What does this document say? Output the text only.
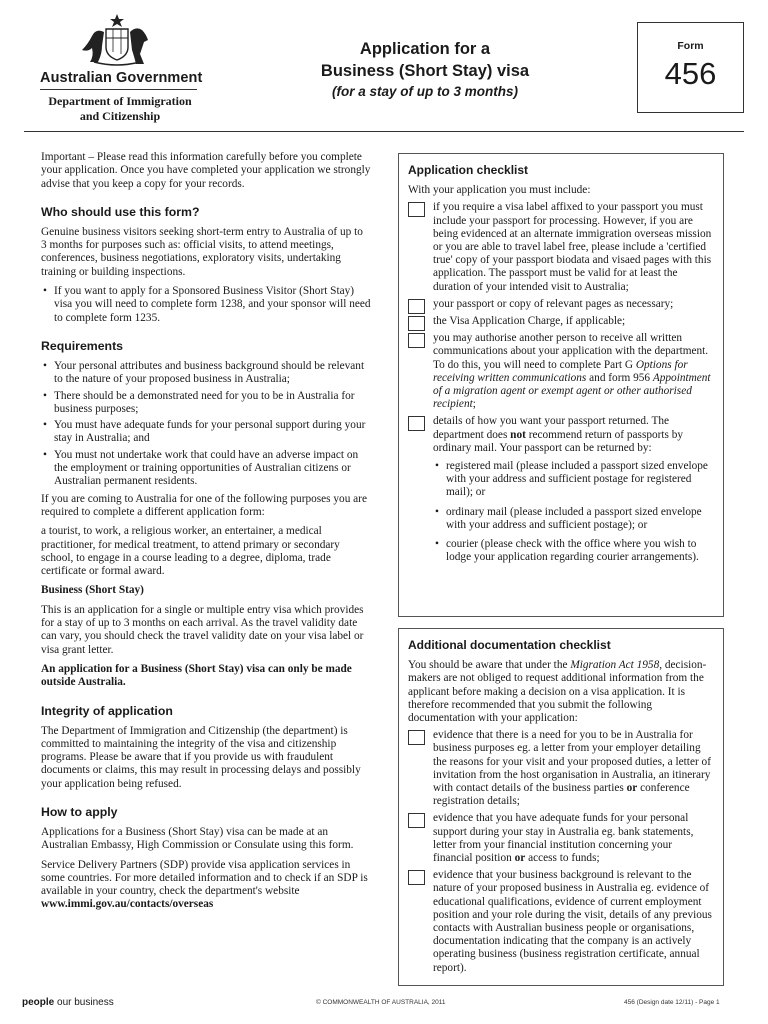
Australian Government
Department of Immigration and Citizenship
Application for a
Business (Short Stay) visa
(for a stay of up to 3 months)
Form
456

Important – Please read this information carefully before you complete your application. Once you have completed your application we strongly advise that you keep a copy for your records.

Who should use this form?

Genuine business visitors seeking short-term entry to Australia of up to 3 months for purposes such as: official visits, to attend meetings, conferences, business negotiations, exploratory visits, undertaking training or building inspections.

• If you want to apply for a Sponsored Business Visitor (Short Stay) visa you will need to complete form 1238, and your sponsor will need to complete form 1235.
Requirements
• Your personal attributes and business background should be relevant to the nature of your proposed business in Australia;
• There should be a demonstrated need for you to be in Australia for business purposes;
• You must have adequate funds for your personal support during your stay in Australia; and
• You must not undertake work that could have an adverse impact on the employment or training opportunities of Australian citizens or Australian permanent residents.

If you are coming to Australia for one of the following purposes you are required to complete a different application form:

a tourist, to work, a religious worker, an entertainer, a medical practitioner, for medical treatment, to attend primary or secondary school, to engage in a course leading to a degree, diploma, trade certificate or formal award.

Business (Short Stay)

This is an application for a single or multiple entry visa which provides for a stay of up to 3 months on each arrival. As the travel validity date can vary, you should check the travel validity date on your visa label or visa grant letter.

An application for a Business (Short Stay) visa can only be made outside Australia.

Integrity of application

The Department of Immigration and Citizenship (the department) is committed to maintaining the integrity of the visa and citizenship programs. Please be aware that if you provide us with fraudulent documents or claims, this may result in processing delays and possibly your application being refused.

How to apply

Applications for a Business (Short Stay) visa can be made at an Australian Embassy, High Commission or Consulate using this form.

Service Delivery Partners (SDP) provide visa application services in some countries. For more detailed information and to check if an SDP is available in your country, check the department's website www.immi.gov.au/contacts/overseas

Application checklist

With your application you must include:

if you require a visa label affixed to your passport you must include your passport for processing. However, if you are being evidenced at an alternate immigration overseas mission or you are able to travel label free, please include a 'certified true' copy of your passport biodata and visaed pages with this application. The passport must be valid for at least the duration of your intended visit to Australia;
your passport or copy of relevant pages as necessary;
the Visa Application Charge, if applicable;
you may authorise another person to receive all written communications about your application with the department. To do this, you will need to complete Part G Options for receiving written communications and form 956 Appointment of a migration agent or exempt agent or other authorised recipient;
details of how you want your passport returned. The department does not recommend return of passports by ordinary mail. Your passport can be returned by:
• registered mail (please included a passport sized envelope with your address and sufficient postage for registered mail); or
• ordinary mail (please included a passport sized envelope with your address and sufficient postage); or
• courier (please check with the office where you wish to lodge your application regarding courier arrangements).
Additional documentation checklist

You should be aware that under the Migration Act 1958, decision-makers are not obliged to request additional information from the applicant before making a decision on a visa application. It is therefore recommended that you submit the following documentation with your application:

evidence that there is a need for you to be in Australia for business purposes eg. a letter from your employer detailing the reasons for your visit and your proposed duties, a letter of invitation from the host organisation in Australia, an itinerary with contact details of the business parties or conference registration details;
evidence that you have adequate funds for your personal support during your stay in Australia eg. bank statements, letter from your financial institution concerning your financial position or access to funds;
evidence that your business background is relevant to the nature of your proposed business in Australia eg. evidence of educational qualifications, evidence of current employment position and your role during the visit, details of any previous contacts with Australian business people or organisations, documentation indicating that the company is an actively operating business (business registration certificate, annual report).
people our business	© COMMONWEALTH OF AUSTRALIA, 2011	456 (Design date 12/11) - Page 1
